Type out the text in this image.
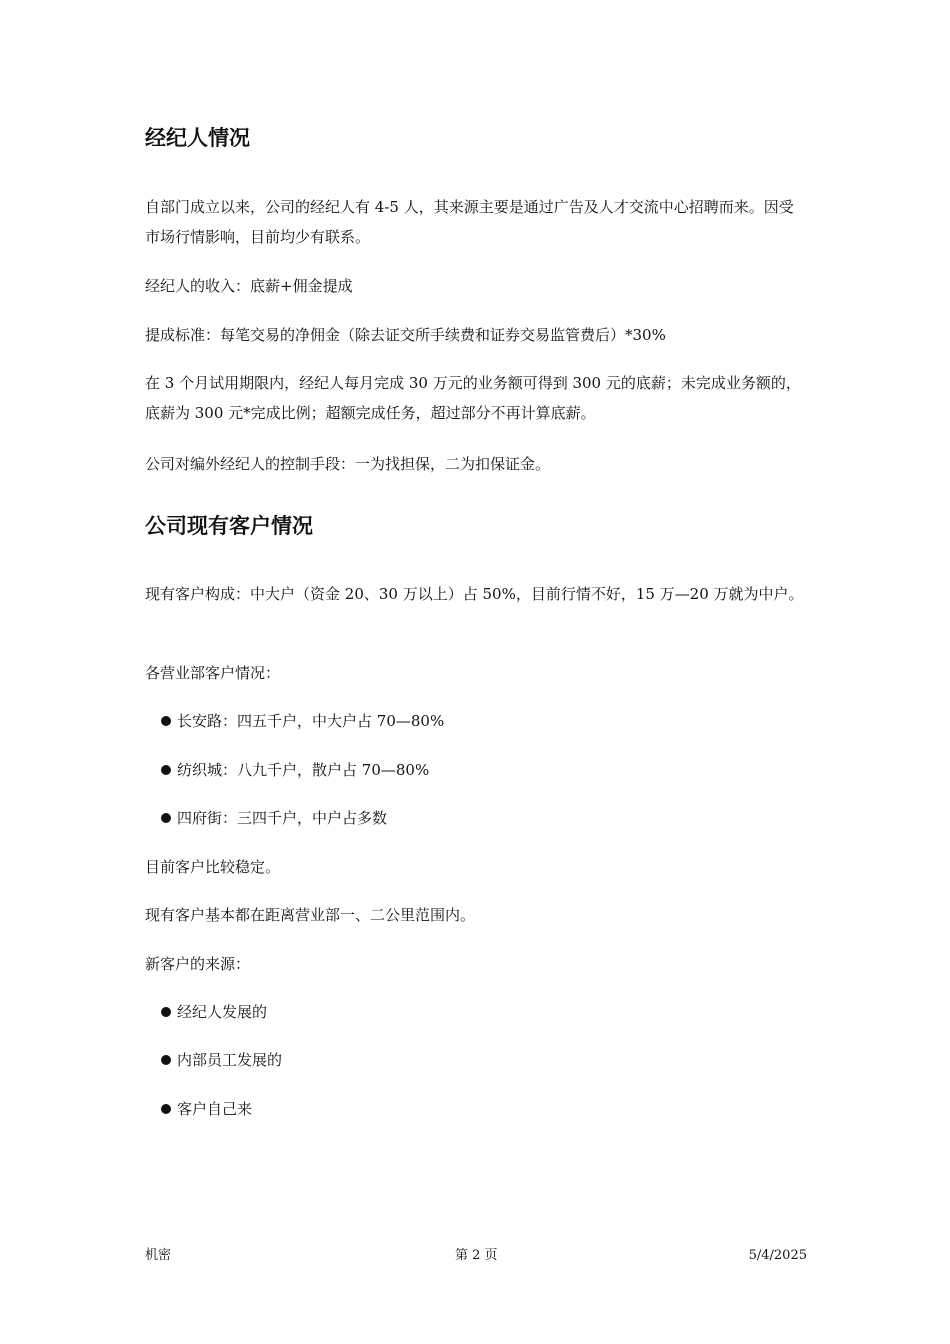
经纪人情况

自部门成立以来，公司的经纪人有 4-5 人，其来源主要是通过广告及人才交流中心招聘而来。因受市场行情影响，目前均少有联系。

经纪人的收入：底薪+佣金提成

提成标准：每笔交易的净佣金（除去证交所手续费和证券交易监管费后）*30%

在 3 个月试用期限内，经纪人每月完成 30 万元的业务额可得到 300 元的底薪；未完成业务额的，底薪为 300 元*完成比例；超额完成任务，超过部分不再计算底薪。

公司对编外经纪人的控制手段：一为找担保，二为扣保证金。

公司现有客户情况

现有客户构成：中大户（资金 20、30 万以上）占 50%，目前行情不好，15 万—20 万就为中户。

各营业部客户情况：

长安路：四五千户，中大户占 70—80%
纺织城：八九千户，散户占 70—80%
四府街：三四千户，中户占多数

目前客户比较稳定。

现有客户基本都在距离营业部一、二公里范围内。

新客户的来源：

经纪人发展的
内部员工发展的
客户自己来
机密	第 2 页	5/4/2025
